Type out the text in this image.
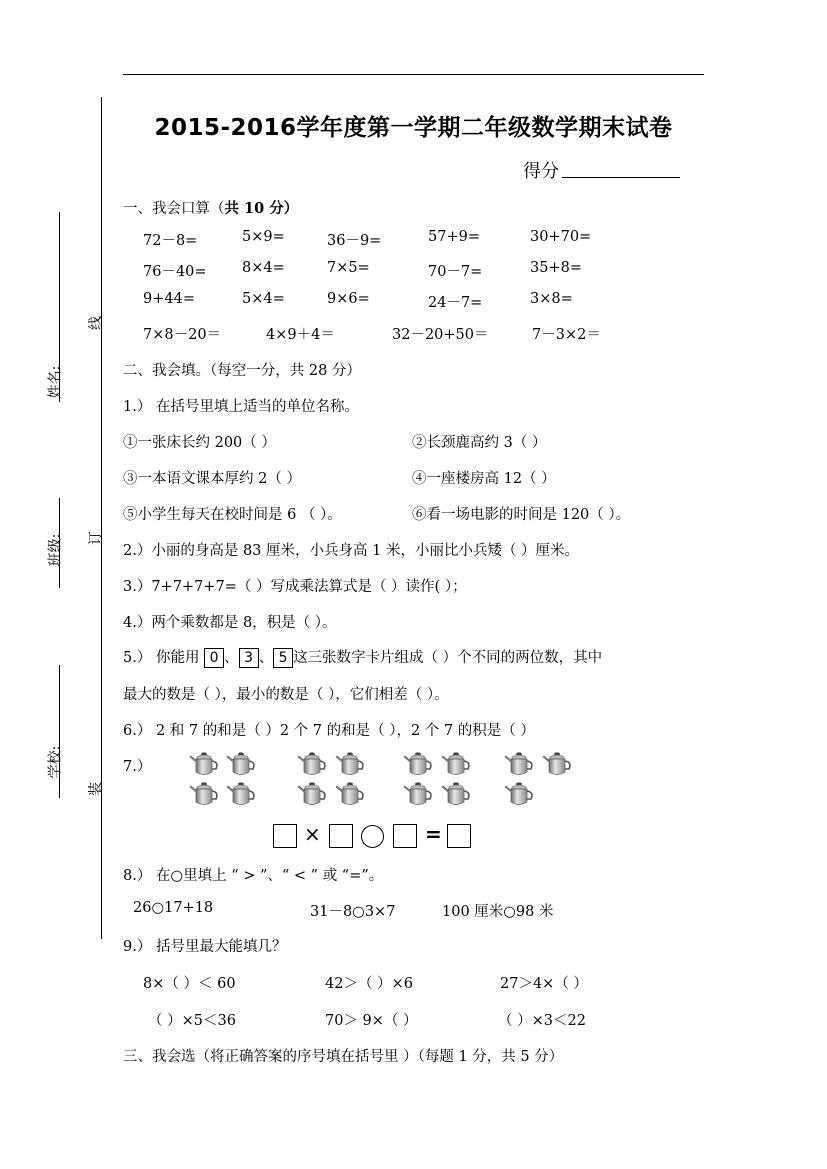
姓名:
班级:
学校:
线
订
装
2015-2016学年度第一学期二年级数学期末试卷
得分
一、我会口算（共 10 分）
72－8=	5×9=	36－9=	57+9=	30+70=
76－40= 8×4=	7×5=	70－7=	35+8=
9+44=	5×4=	9×6=	24－7=	3×8=
7×8－20＝	4×9＋4＝	32－20+50＝	7－3×2＝
二、我会填。（每空一分，共 28 分）
1.） 在括号里填上适当的单位名称。
①一张床长约 200（ ）	②长颈鹿高约 3（ ）
③一本语文课本厚约 2（ ）	④一座楼房高 12（ ）
⑤小学生每天在校时间是 6 （ ）。	⑥看一场电影的时间是 120（ ）。
2.）小丽的身高是 83 厘米，小兵身高 1 米，小丽比小兵矮（ ）厘米。
3.）7+7+7+7=（ ）写成乘法算式是（ ）读作( ）；
4.）两个乘数都是 8，积是（ ）。
5.） 你能用 0 、 3 、 5 这三张数字卡片组成（ ）个不同的两位数，其中
最大的数是（ ），最小的数是（ ），它们相差（ ）。
6.） 2 和 7 的和是（ ）2 个 7 的和是（ ），2 个 7 的积是（ ）
7.）
×	=
8.） 在○里填上 “ > ”、“ < ” 或 “=”。
26○17+18	31－8○3×7	100 厘米○98 米
9.） 括号里最大能填几？
8×（ ）＜ 60	42＞（ ）×6	27＞4×（ ）
（ ）×5＜36	70＞ 9×（ ）	（ ）×3＜22
三、我会选（将正确答案的序号填在括号里 ）（每题 1 分，共 5 分）
